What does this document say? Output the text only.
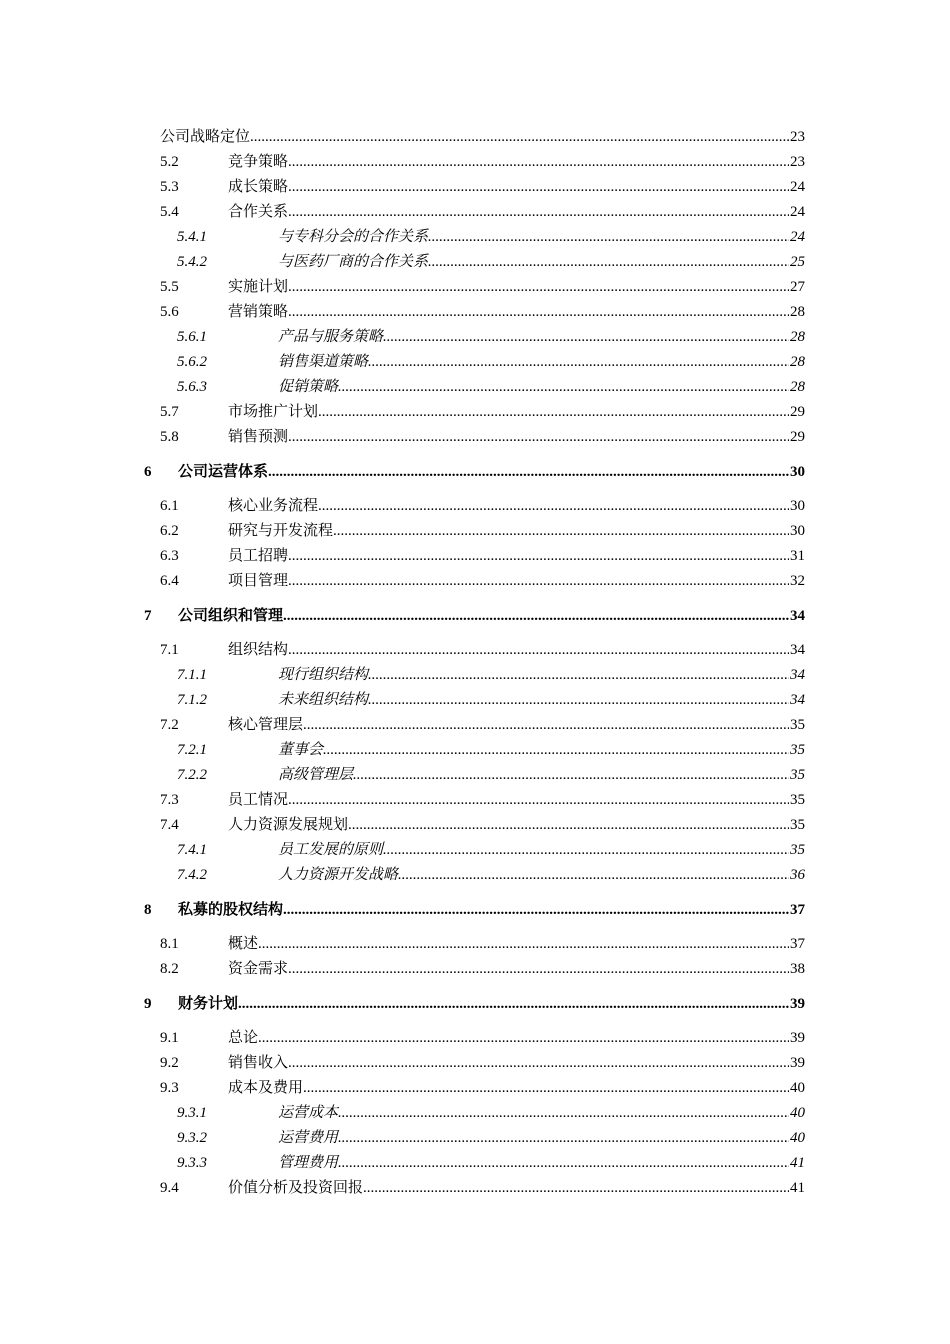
公司战略定位 .....	23
5.2	竞争策略 .....	23
5.3	成长策略 .....	24
5.4	合作关系 .....	24
5.4.1	与专科分会的合作关系 .....	24
5.4.2	与医药厂商的合作关系 .....	25
5.5	实施计划 .....	27
5.6	营销策略 .....	28
5.6.1	产品与服务策略 .....	28
5.6.2	销售渠道策略 .....	28
5.6.3	促销策略 .....	28
5.7	市场推广计划 .....	29
5.8	销售预测 .....	29
6 公司运营体系 .....	30
6.1	核心业务流程 .....	30
6.2	研究与开发流程 .....	30
6.3	员工招聘 .....	31
6.4	项目管理 .....	32
7 公司组织和管理 .....	34
7.1	组织结构 .....	34
7.1.1	现行组织结构 .....	34
7.1.2	未来组织结构 .....	34
7.2	核心管理层 .....	35
7.2.1	董事会 .....	35
7.2.2	高级管理层 .....	35
7.3	员工情况 .....	35
7.4	人力资源发展规划 .....	35
7.4.1	员工发展的原则 .....	35
7.4.2	人力资源开发战略 .....	36
8 私募的股权结构 .....	37
8.1	概述 .....	37
8.2	资金需求 .....	38
9 财务计划 .....	39
9.1	总论 .....	39
9.2	销售收入 .....	39
9.3	成本及费用 .....	40
9.3.1	运营成本 .....	40
9.3.2	运营费用 .....	40
9.3.3	管理费用 .....	41
9.4	价值分析及投资回报 .....	41
